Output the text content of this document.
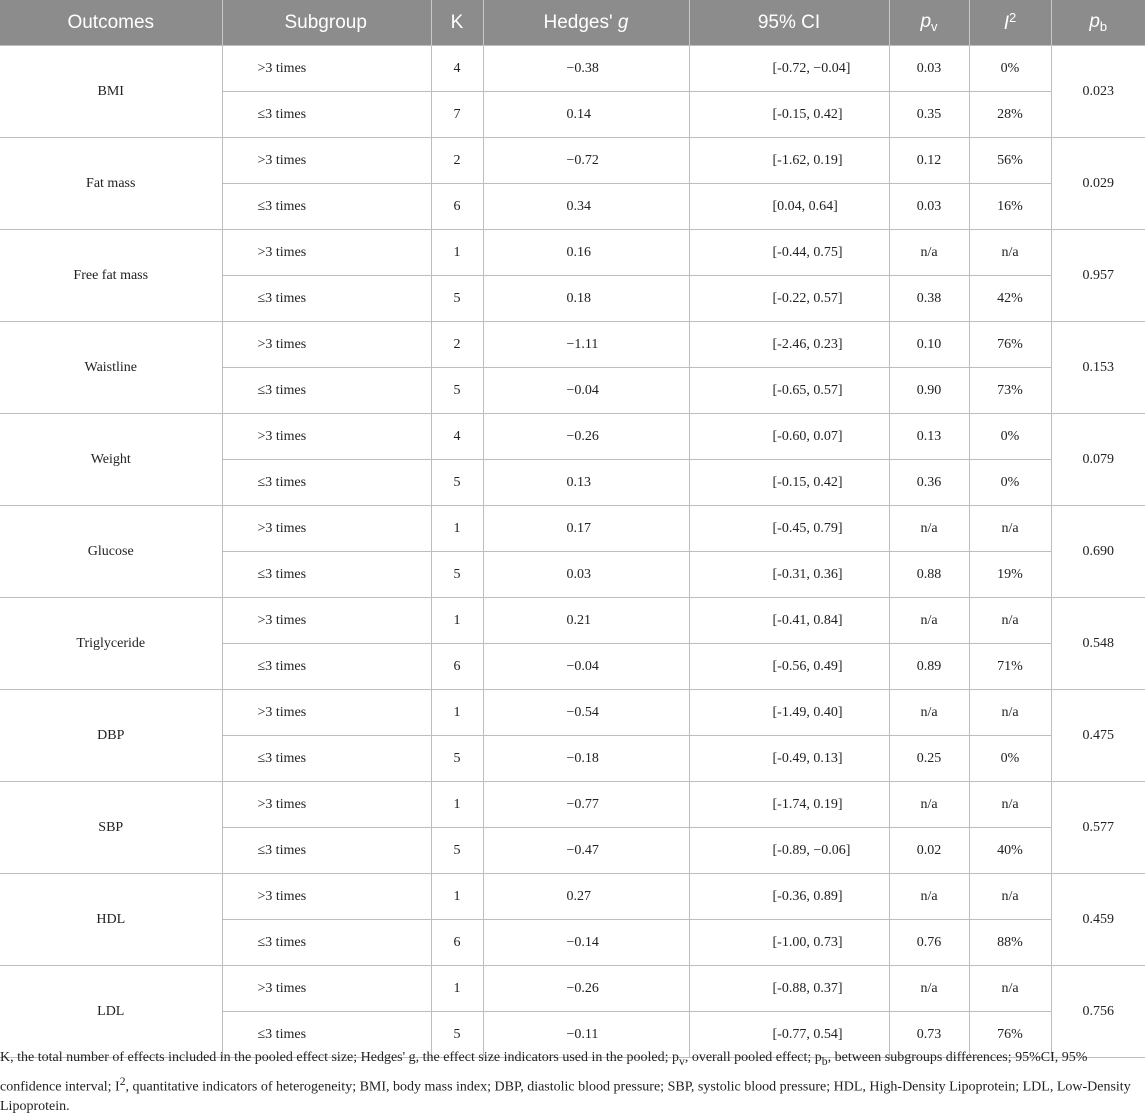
Outcomes	Subgroup	K	Hedges' g	95% CI	$p_v$	$I^2$	$p_b$
BMI	>3 times	4	−0.38	[-0.72, −0.04]	0.03	0%	0.023
	≤3 times	7	0.14	[-0.15, 0.42]	0.35	28%	
Fat mass	>3 times	2	−0.72	[-1.62, 0.19]	0.12	56%	0.029
	≤3 times	6	0.34	[0.04, 0.64]	0.03	16%	
Free fat mass	>3 times	1	0.16	[-0.44, 0.75]	n/a	n/a	0.957
	≤3 times	5	0.18	[-0.22, 0.57]	0.38	42%	
Waistline	>3 times	2	−1.11	[-2.46, 0.23]	0.10	76%	0.153
	≤3 times	5	−0.04	[-0.65, 0.57]	0.90	73%	
Weight	>3 times	4	−0.26	[-0.60, 0.07]	0.13	0%	0.079
	≤3 times	5	0.13	[-0.15, 0.42]	0.36	0%	
Glucose	>3 times	1	0.17	[-0.45, 0.79]	n/a	n/a	0.690
	≤3 times	5	0.03	[-0.31, 0.36]	0.88	19%	
Triglyceride	>3 times	1	0.21	[-0.41, 0.84]	n/a	n/a	0.548
	≤3 times	6	−0.04	[-0.56, 0.49]	0.89	71%	
DBP	>3 times	1	−0.54	[-1.49, 0.40]	n/a	n/a	0.475
	≤3 times	5	−0.18	[-0.49, 0.13]	0.25	0%	
SBP	>3 times	1	−0.77	[-1.74, 0.19]	n/a	n/a	0.577
	≤3 times	5	−0.47	[-0.89, −0.06]	0.02	40%	
HDL	>3 times	1	0.27	[-0.36, 0.89]	n/a	n/a	0.459
	≤3 times	6	−0.14	[-1.00, 0.73]	0.76	88%	
LDL	>3 times	1	−0.26	[-0.88, 0.37]	n/a	n/a	0.756
	≤3 times	5	−0.11	[-0.77, 0.54]	0.73	76%	
K, the total number of effects included in the pooled effect size; Hedges' g, the effect size indicators used in the pooled; $p_v$, overall pooled effect; $p_b$, between subgroups differences; 95%CI, 95% confidence interval; $I^2$, quantitative indicators of heterogeneity; BMI, body mass index; DBP, diastolic blood pressure; SBP, systolic blood pressure; HDL, High-Density Lipoprotein; LDL, Low-Density Lipoprotein.
